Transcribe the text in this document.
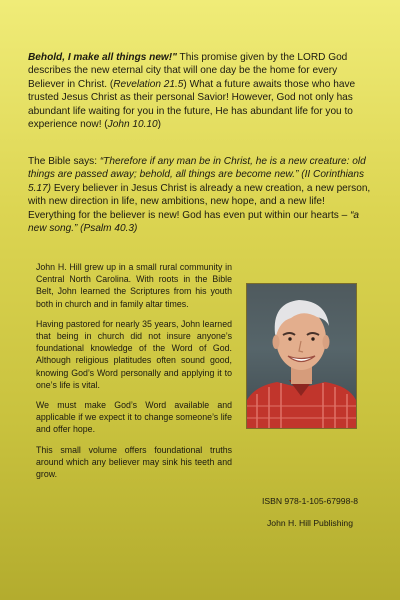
Behold, I make all things new!" This promise given by the LORD God describes the new eternal city that will one day be the home for every Believer in Christ. (Revelation 21.5) What a future awaits those who have trusted Jesus Christ as their personal Savior! However, God not only has abundant life waiting for you in the future, He has abundant life for you to experience now! (John 10.10)

The Bible says: “Therefore if any man be in Christ, he is a new creature: old things are passed away; behold, all things are become new.” (II Corinthians 5.17) Every believer in Jesus Christ is already a new creation, a new person, with new direction in life, new ambitions, new hope, and a new life! Everything for the believer is new! God has even put within our hearts – “a new song.” (Psalm 40.3)

John H. Hill grew up in a small rural community in Central North Carolina. With roots in the Bible Belt, John learned the Scriptures from his youth both in church and in family altar times.

Having pastored for nearly 35 years, John learned that being in church did not insure anyone’s foundational knowledge of the Word of God. Although religious platitudes often sound good, knowing God’s Word personally and applying it to one’s life is vital.

We must make God’s Word available and applicable if we expect it to change someone’s life and offer hope.

This small volume offers foundational truths around which any believer may sink his teeth and grow.

ISBN 978-1-105-67998-8
John H. Hill Publishing
